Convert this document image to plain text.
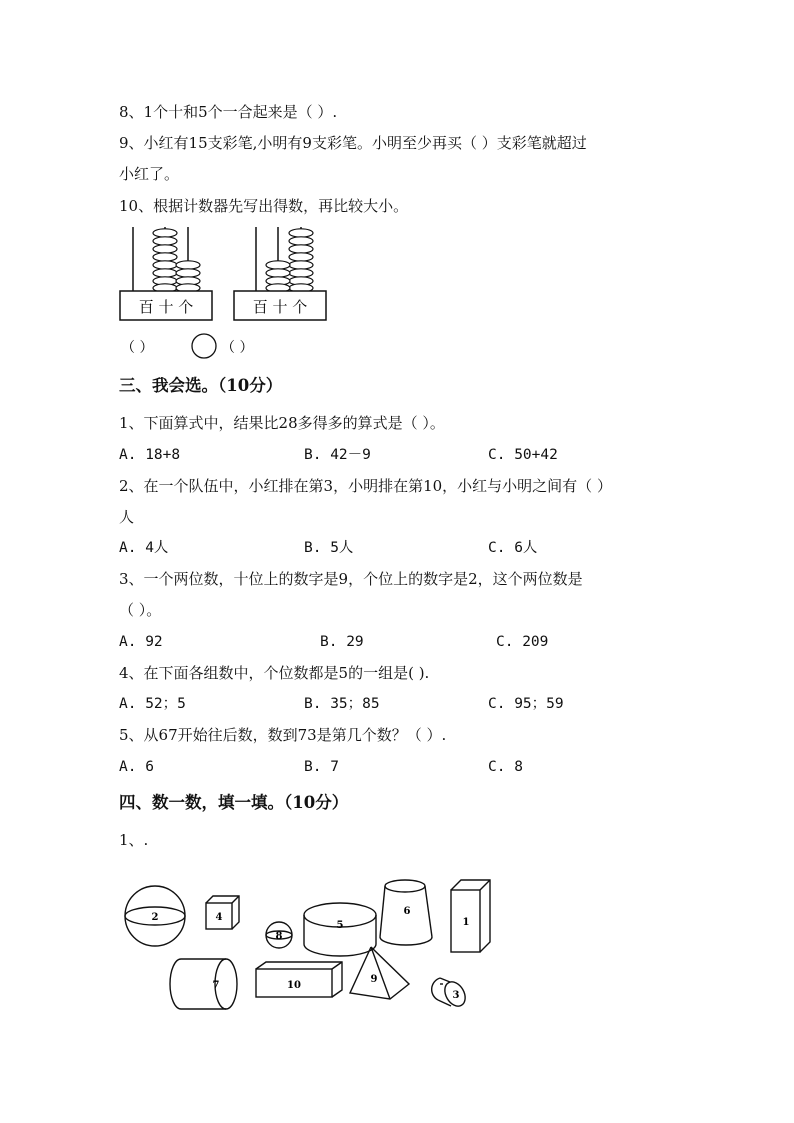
8、1个十和5个一合起来是（ ）.
9、小红有15支彩笔,小明有9支彩笔。小明至少再买（ ）支彩笔就超过
小红了。
10、根据计数器先写出得数，再比较大小。
百 十 个	百 十 个
（ ）	（ ）
三、我会选。（10分）
1、下面算式中，结果比28多得多的算式是（ ）。
A. 18+8	B. 42－9	C. 50+42
2、在一个队伍中，小红排在第3，小明排在第10，小红与小明之间有（ ）
人
A. 4人	B. 5人	C. 6人
3、一个两位数，十位上的数字是9，个位上的数字是2，这个两位数是
（ ）。
A. 92	B. 29	C. 209
4、在下面各组数中，个位数都是5的一组是( ).
A. 52；5	B. 35；85	C. 95；59
5、从67开始往后数，数到73是第几个数？（ ）.
A. 6	B. 7	C. 8
四、数一数，填一填。（10分）
1、.
2	4
8
5
6
1
7	10
9
3
